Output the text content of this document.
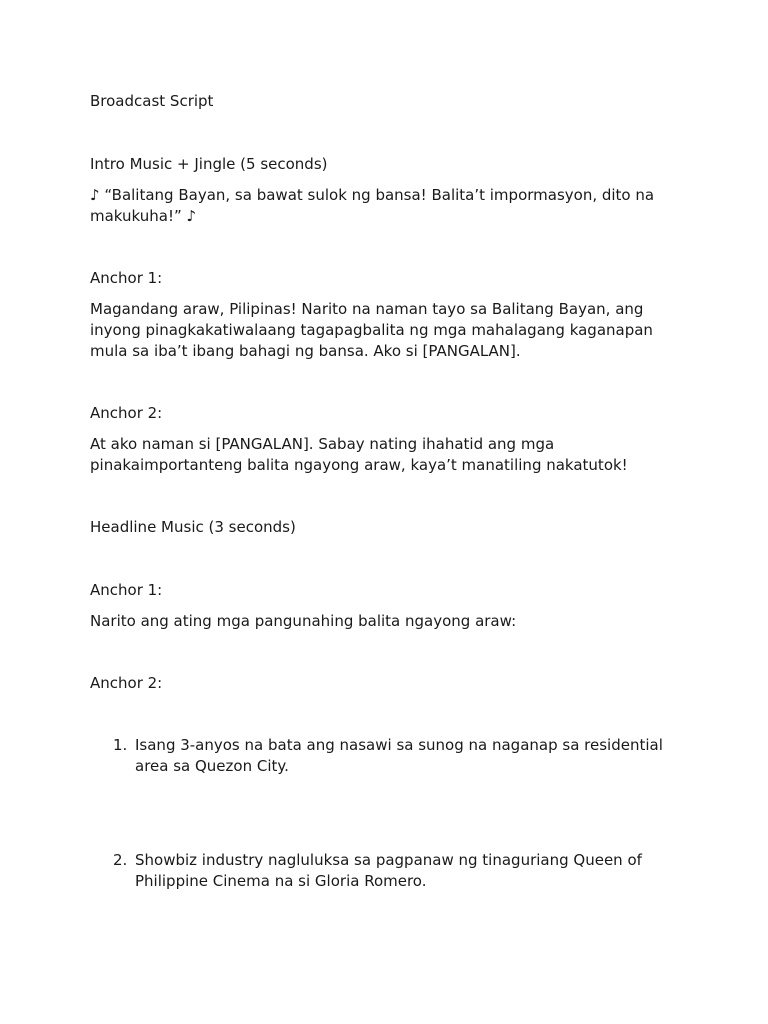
Broadcast Script

Intro Music + Jingle (5 seconds)

♪ “Balitang Bayan, sa bawat sulok ng bansa! Balita’t impormasyon, dito na makukuha!” ♪

Anchor 1:

Magandang araw, Pilipinas! Narito na naman tayo sa Balitang Bayan, ang inyong pinagkakatiwalaang tagapagbalita ng mga mahalagang kaganapan mula sa iba’t ibang bahagi ng bansa. Ako si [PANGALAN].

Anchor 2:

At ako naman si [PANGALAN]. Sabay nating ihahatid ang mga pinakaimportanteng balita ngayong araw, kaya’t manatiling nakatutok!

Headline Music (3 seconds)

Anchor 1:

Narito ang ating mga pangunahing balita ngayong araw:

Anchor 2:

1. Isang 3-anyos na bata ang nasawi sa sunog na naganap sa residential area sa Quezon City.
2. Showbiz industry nagluluksa sa pagpanaw ng tinaguriang Queen of Philippine Cinema na si Gloria Romero.
